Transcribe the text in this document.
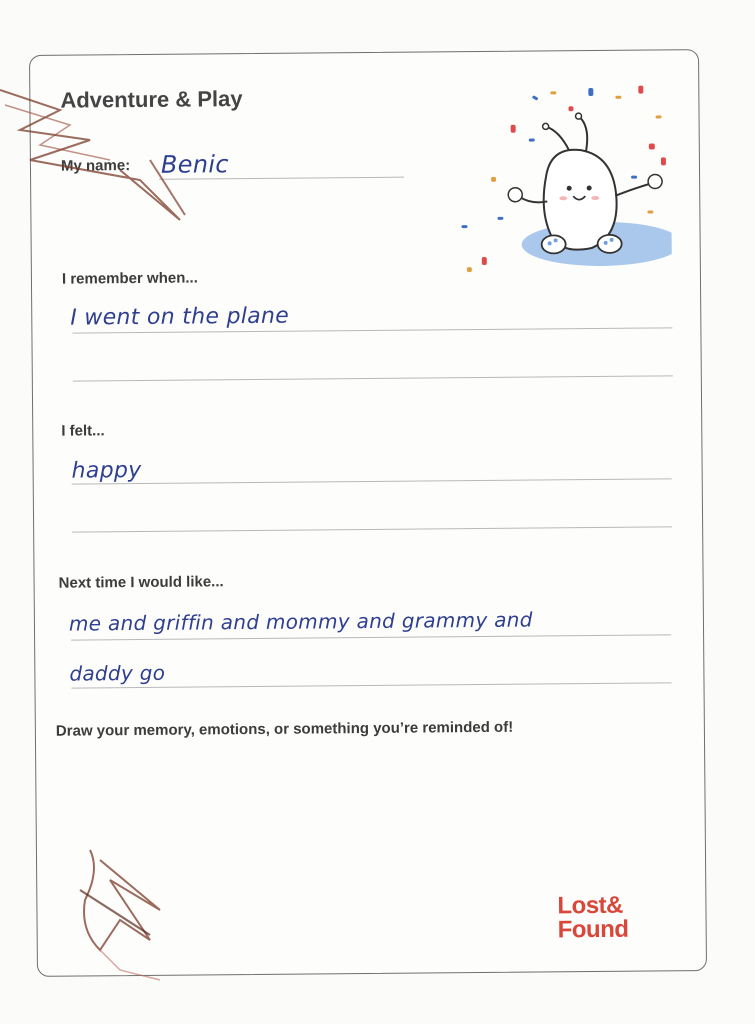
Adventure & Play
My name: Benic
I remember when...
I went on the plane
I felt...
happy
Next time I would like...
me and griffin and mommy and grammy and
daddy go
Draw your memory, emotions, or something you’re reminded of!
Lost&
Found
